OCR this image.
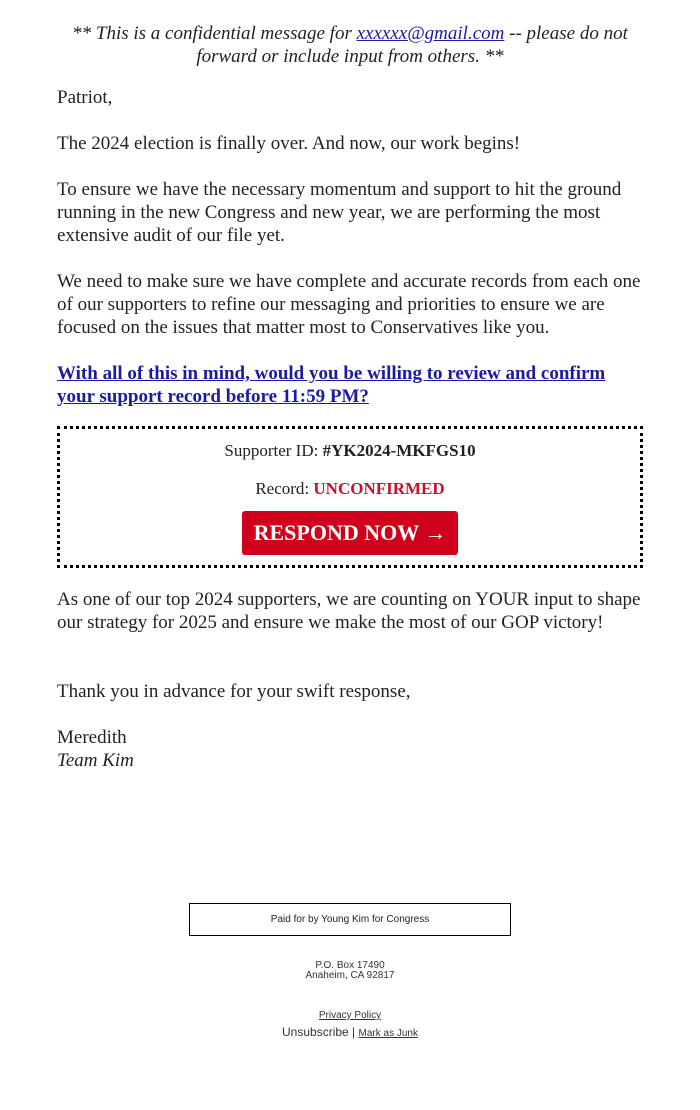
** This is a confidential message for xxxxxx@gmail.com -- please do not forward or include input from others. **
Patriot,
The 2024 election is finally over. And now, our work begins!
To ensure we have the necessary momentum and support to hit the ground running in the new Congress and new year, we are performing the most extensive audit of our file yet.
We need to make sure we have complete and accurate records from each one of our supporters to refine our messaging and priorities to ensure we are focused on the issues that matter most to Conservatives like you.
With all of this in mind, would you be willing to review and confirm your support record before 11:59 PM?
Supporter ID: #YK2024-MKFGS10
Record: UNCONFIRMED
RESPOND NOW →
As one of our top 2024 supporters, we are counting on YOUR input to shape our strategy for 2025 and ensure we make the most of our GOP victory!
Thank you in advance for your swift response,
Meredith
Team Kim
Paid for by Young Kim for Congress
P.O. Box 17490
Anaheim, CA 92817
Privacy Policy
Unsubscribe | Mark as Junk
